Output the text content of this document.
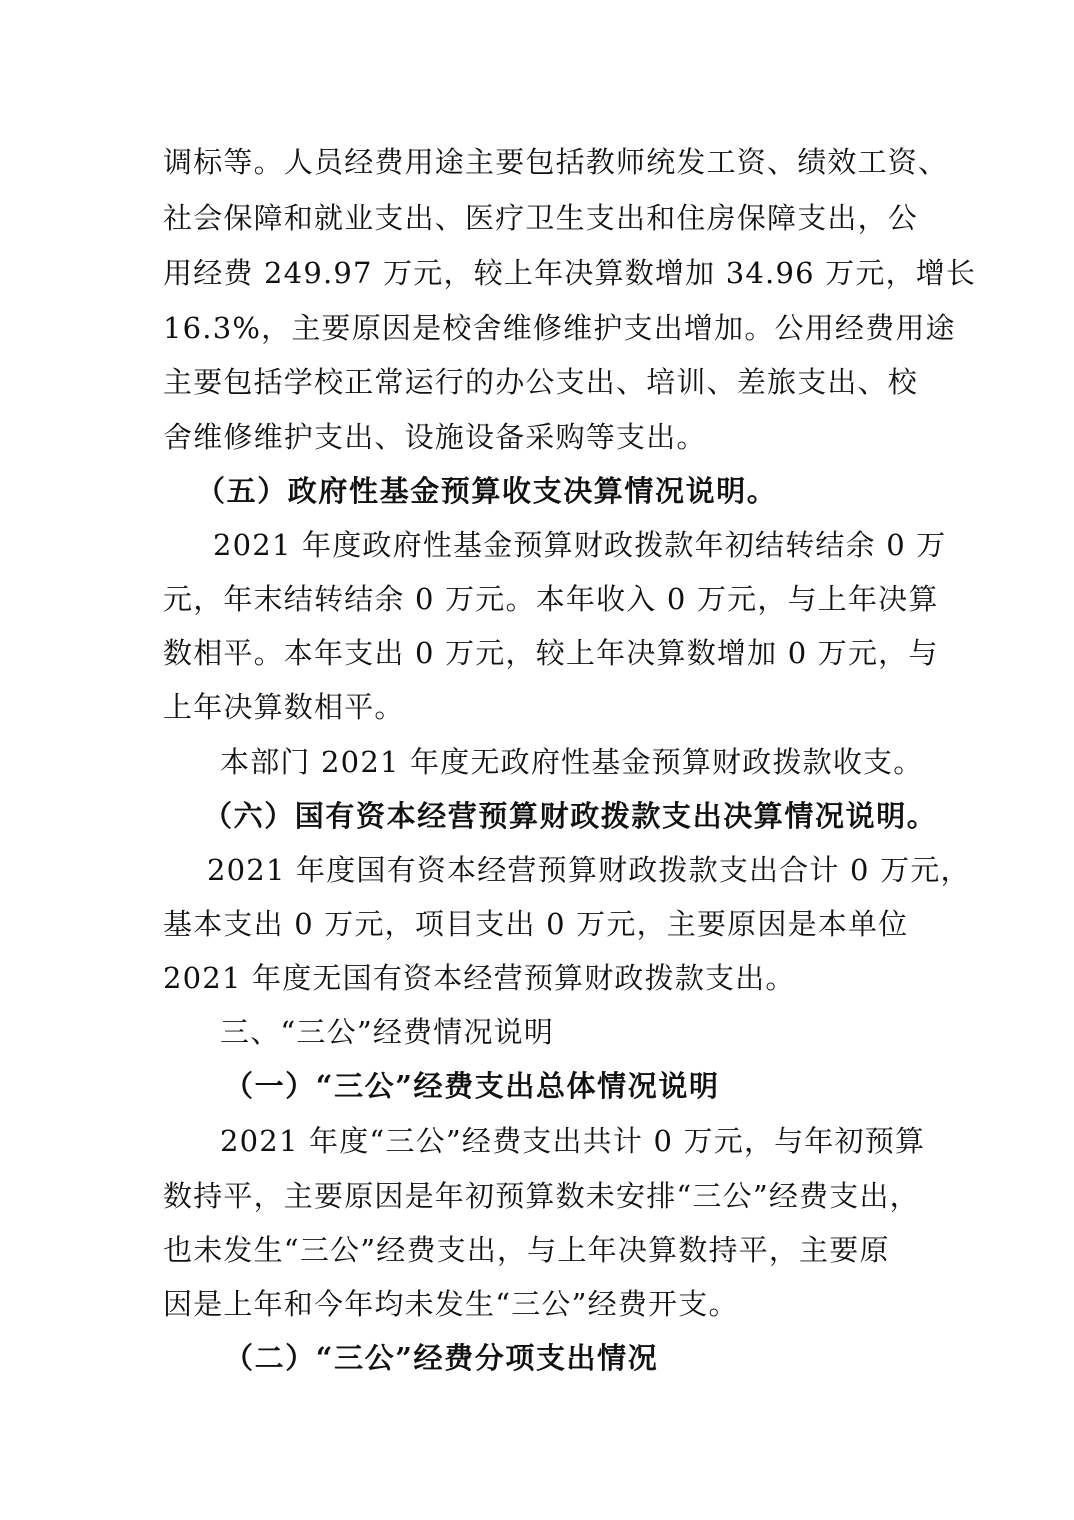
调标等。人员经费用途主要包括教师统发工资、绩效工资、
社会保障和就业支出、医疗卫生支出和住房保障支出，公
用经费 249.97 万元，较上年决算数增加 34.96 万元，增长
16.3%，主要原因是校舍维修维护支出增加。公用经费用途
主要包括学校正常运行的办公支出、培训、差旅支出、校
舍维修维护支出、设施设备采购等支出。
（五）政府性基金预算收支决算情况说明。
2021 年度政府性基金预算财政拨款年初结转结余 0 万
元，年末结转结余 0 万元。本年收入 0 万元，与上年决算
数相平。本年支出 0 万元，较上年决算数增加 0 万元，与
上年决算数相平。
本部门 2021 年度无政府性基金预算财政拨款收支。
（六）国有资本经营预算财政拨款支出决算情况说明。
2021 年度国有资本经营预算财政拨款支出合计 0 万元，
基本支出 0 万元，项目支出 0 万元，主要原因是本单位
2021 年度无国有资本经营预算财政拨款支出。
三、“三公”经费情况说明
（一）“三公”经费支出总体情况说明
2021 年度“三公”经费支出共计 0 万元，与年初预算
数持平，主要原因是年初预算数未安排“三公”经费支出，
也未发生“三公”经费支出，与上年决算数持平，主要原
因是上年和今年均未发生“三公”经费开支。
（二）“三公”经费分项支出情况
